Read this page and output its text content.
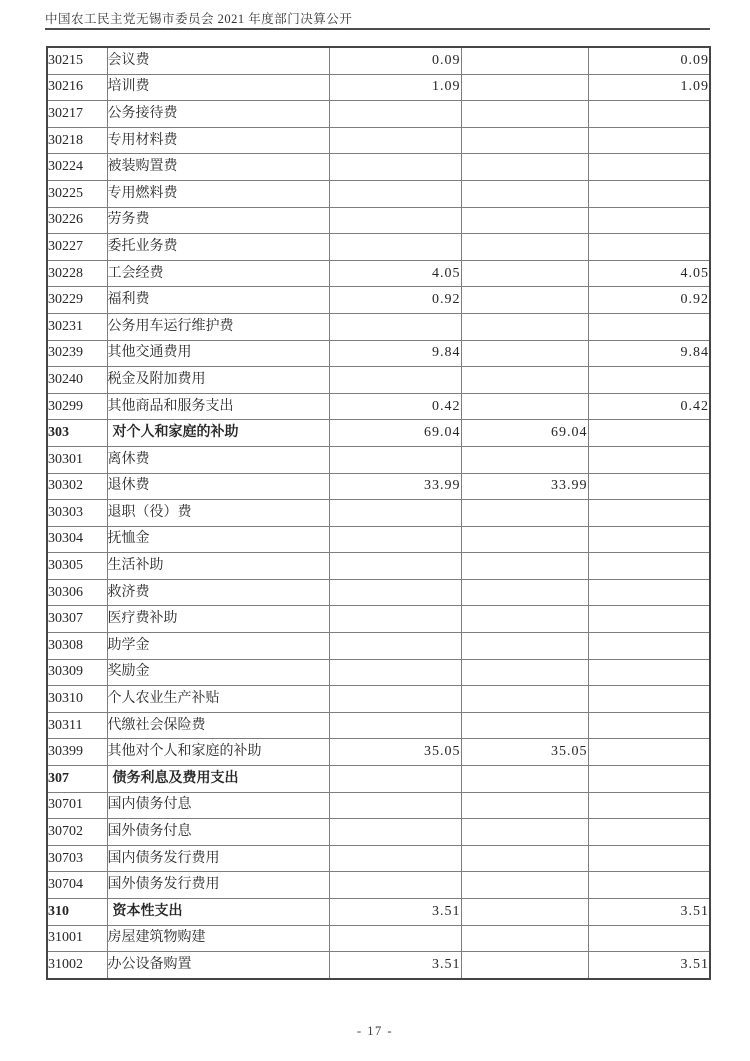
中国农工民主党无锡市委员会 2021 年度部门决算公开
30215	会议费	0.09		0.09
30216	培训费	1.09		1.09
30217	公务接待费			
30218	专用材料费			
30224	被装购置费			
30225	专用燃料费			
30226	劳务费			
30227	委托业务费			
30228	工会经费	4.05		4.05
30229	福利费	0.92		0.92
30231	公务用车运行维护费			
30239	其他交通费用	9.84		9.84
30240	税金及附加费用			
30299	其他商品和服务支出	0.42		0.42
303	对个人和家庭的补助	69.04	69.04	
30301	离休费			
30302	退休费	33.99	33.99	
30303	退职（役）费			
30304	抚恤金			
30305	生活补助			
30306	救济费			
30307	医疗费补助			
30308	助学金			
30309	奖励金			
30310	个人农业生产补贴			
30311	代缴社会保险费			
30399	其他对个人和家庭的补助	35.05	35.05	
307	债务利息及费用支出			
30701	国内债务付息			
30702	国外债务付息			
30703	国内债务发行费用			
30704	国外债务发行费用			
310	资本性支出	3.51		3.51
31001	房屋建筑物购建			
31002	办公设备购置	3.51		3.51
- 17 -
